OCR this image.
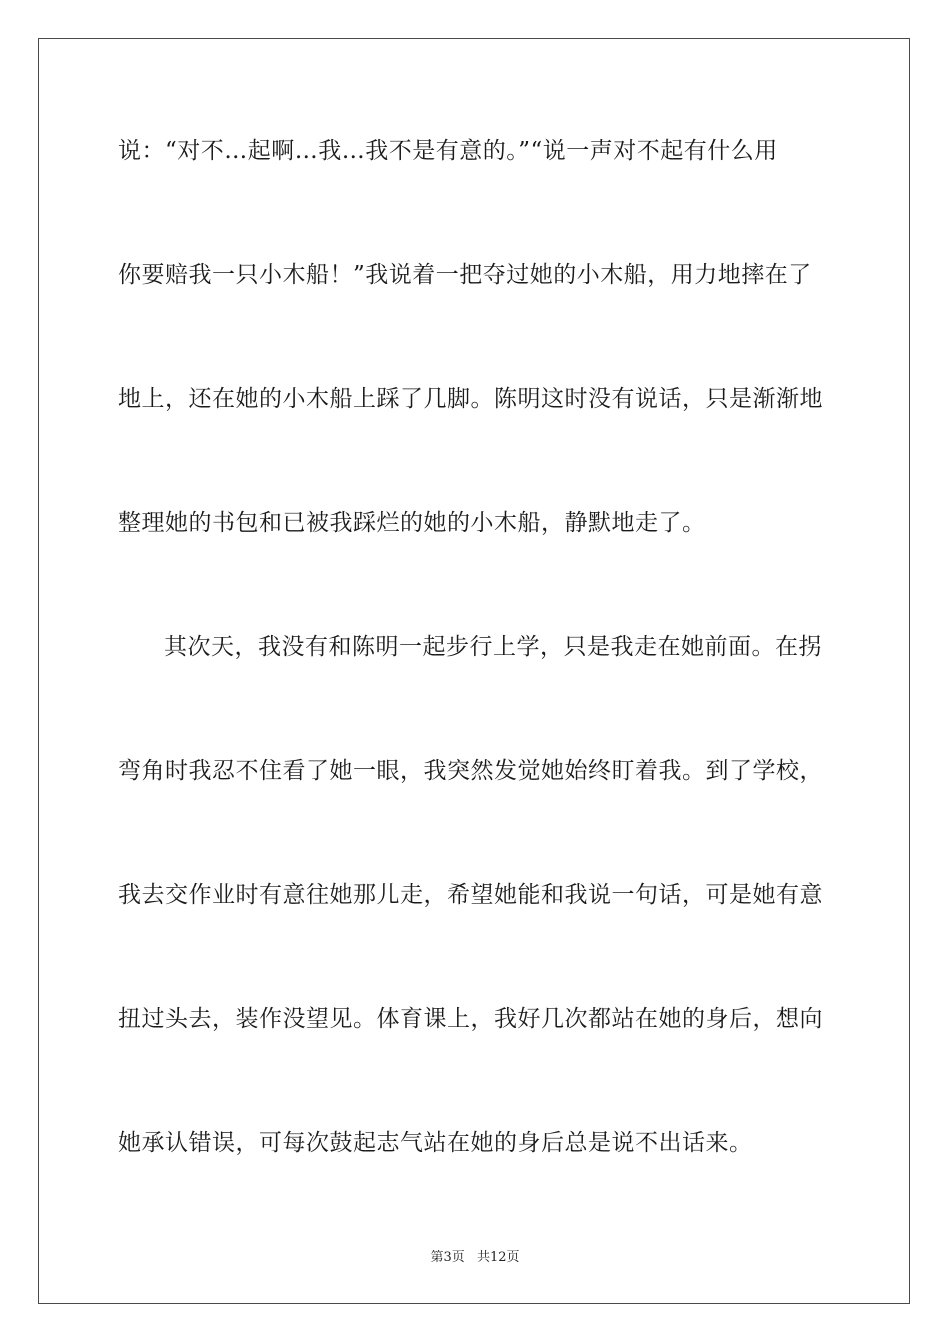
说：“对不…起啊…我…我不是有意的。”“说一声对不起有什么用
你要赔我一只小木船！”我说着一把夺过她的小木船，用力地摔在了
地上，还在她的小木船上踩了几脚。陈明这时没有说话，只是渐渐地
整理她的书包和已被我踩烂的她的小木船，静默地走了。
其次天，我没有和陈明一起步行上学，只是我走在她前面。在拐
弯角时我忍不住看了她一眼，我突然发觉她始终盯着我。到了学校，
我去交作业时有意往她那儿走，希望她能和我说一句话，可是她有意
扭过头去，装作没望见。体育课上，我好几次都站在她的身后，想向
她承认错误，可每次鼓起志气站在她的身后总是说不出话来。
第3页 共12页
